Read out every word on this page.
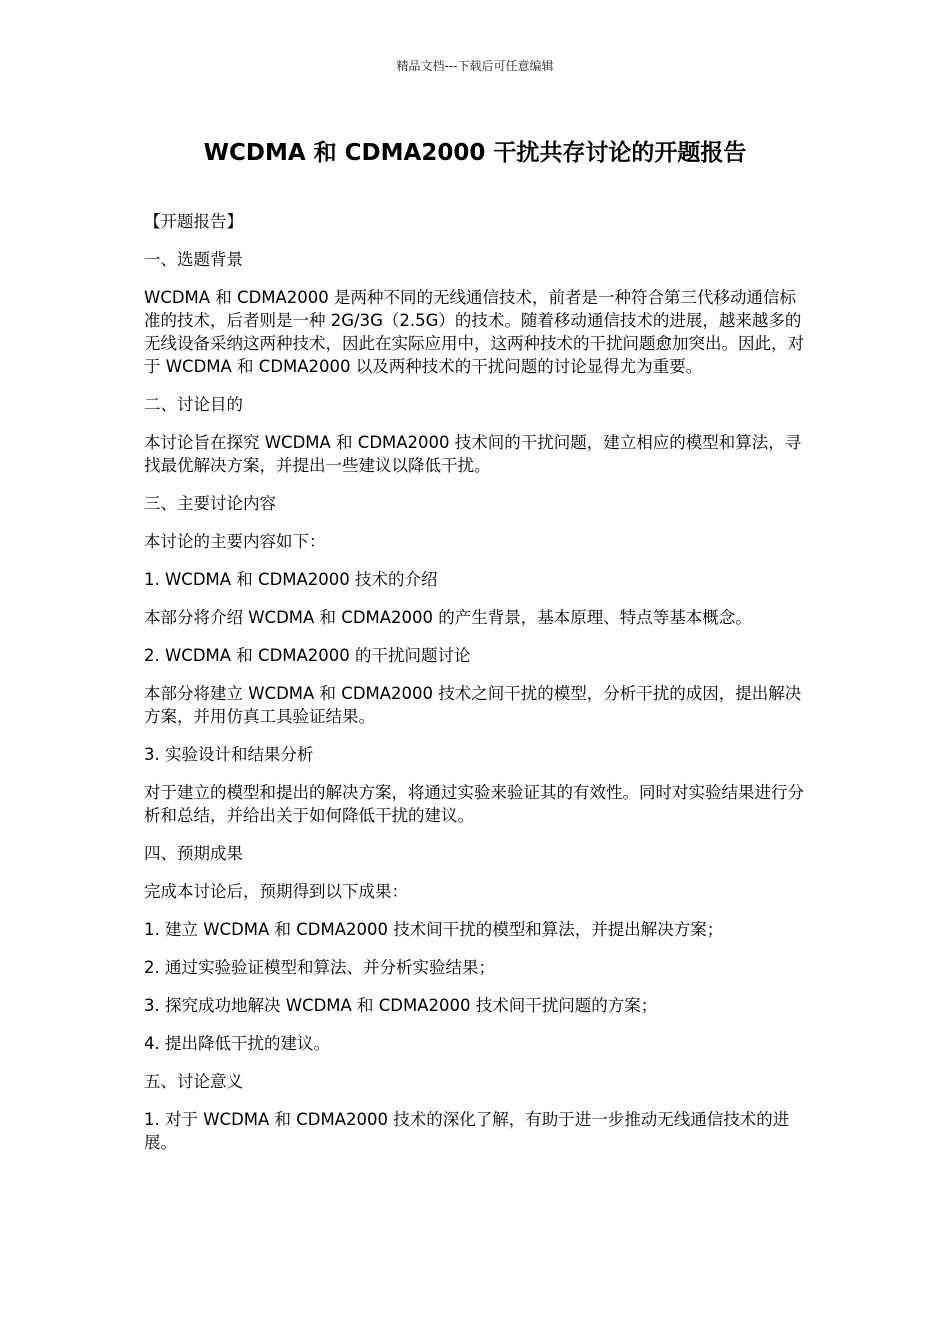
精品文档---下载后可任意编辑
WCDMA 和 CDMA2000 干扰共存讨论的开题报告

【开题报告】

一、选题背景

WCDMA 和 CDMA2000 是两种不同的无线通信技术，前者是一种符合第三代移动通信标准的技术，后者则是一种 2G/3G（2.5G）的技术。随着移动通信技术的进展，越来越多的无线设备采纳这两种技术，因此在实际应用中，这两种技术的干扰问题愈加突出。因此，对于 WCDMA 和 CDMA2000 以及两种技术的干扰问题的讨论显得尤为重要。

二、讨论目的

本讨论旨在探究 WCDMA 和 CDMA2000 技术间的干扰问题，建立相应的模型和算法，寻找最优解决方案，并提出一些建议以降低干扰。

三、主要讨论内容

本讨论的主要内容如下：

1. WCDMA 和 CDMA2000 技术的介绍

本部分将介绍 WCDMA 和 CDMA2000 的产生背景，基本原理、特点等基本概念。

2. WCDMA 和 CDMA2000 的干扰问题讨论

本部分将建立 WCDMA 和 CDMA2000 技术之间干扰的模型，分析干扰的成因，提出解决方案，并用仿真工具验证结果。

3. 实验设计和结果分析

对于建立的模型和提出的解决方案，将通过实验来验证其的有效性。同时对实验结果进行分析和总结，并给出关于如何降低干扰的建议。

四、预期成果

完成本讨论后，预期得到以下成果：

1. 建立 WCDMA 和 CDMA2000 技术间干扰的模型和算法，并提出解决方案；

2. 通过实验验证模型和算法、并分析实验结果；

3. 探究成功地解决 WCDMA 和 CDMA2000 技术间干扰问题的方案；

4. 提出降低干扰的建议。

五、讨论意义

1. 对于 WCDMA 和 CDMA2000 技术的深化了解，有助于进一步推动无线通信技术的进展。
